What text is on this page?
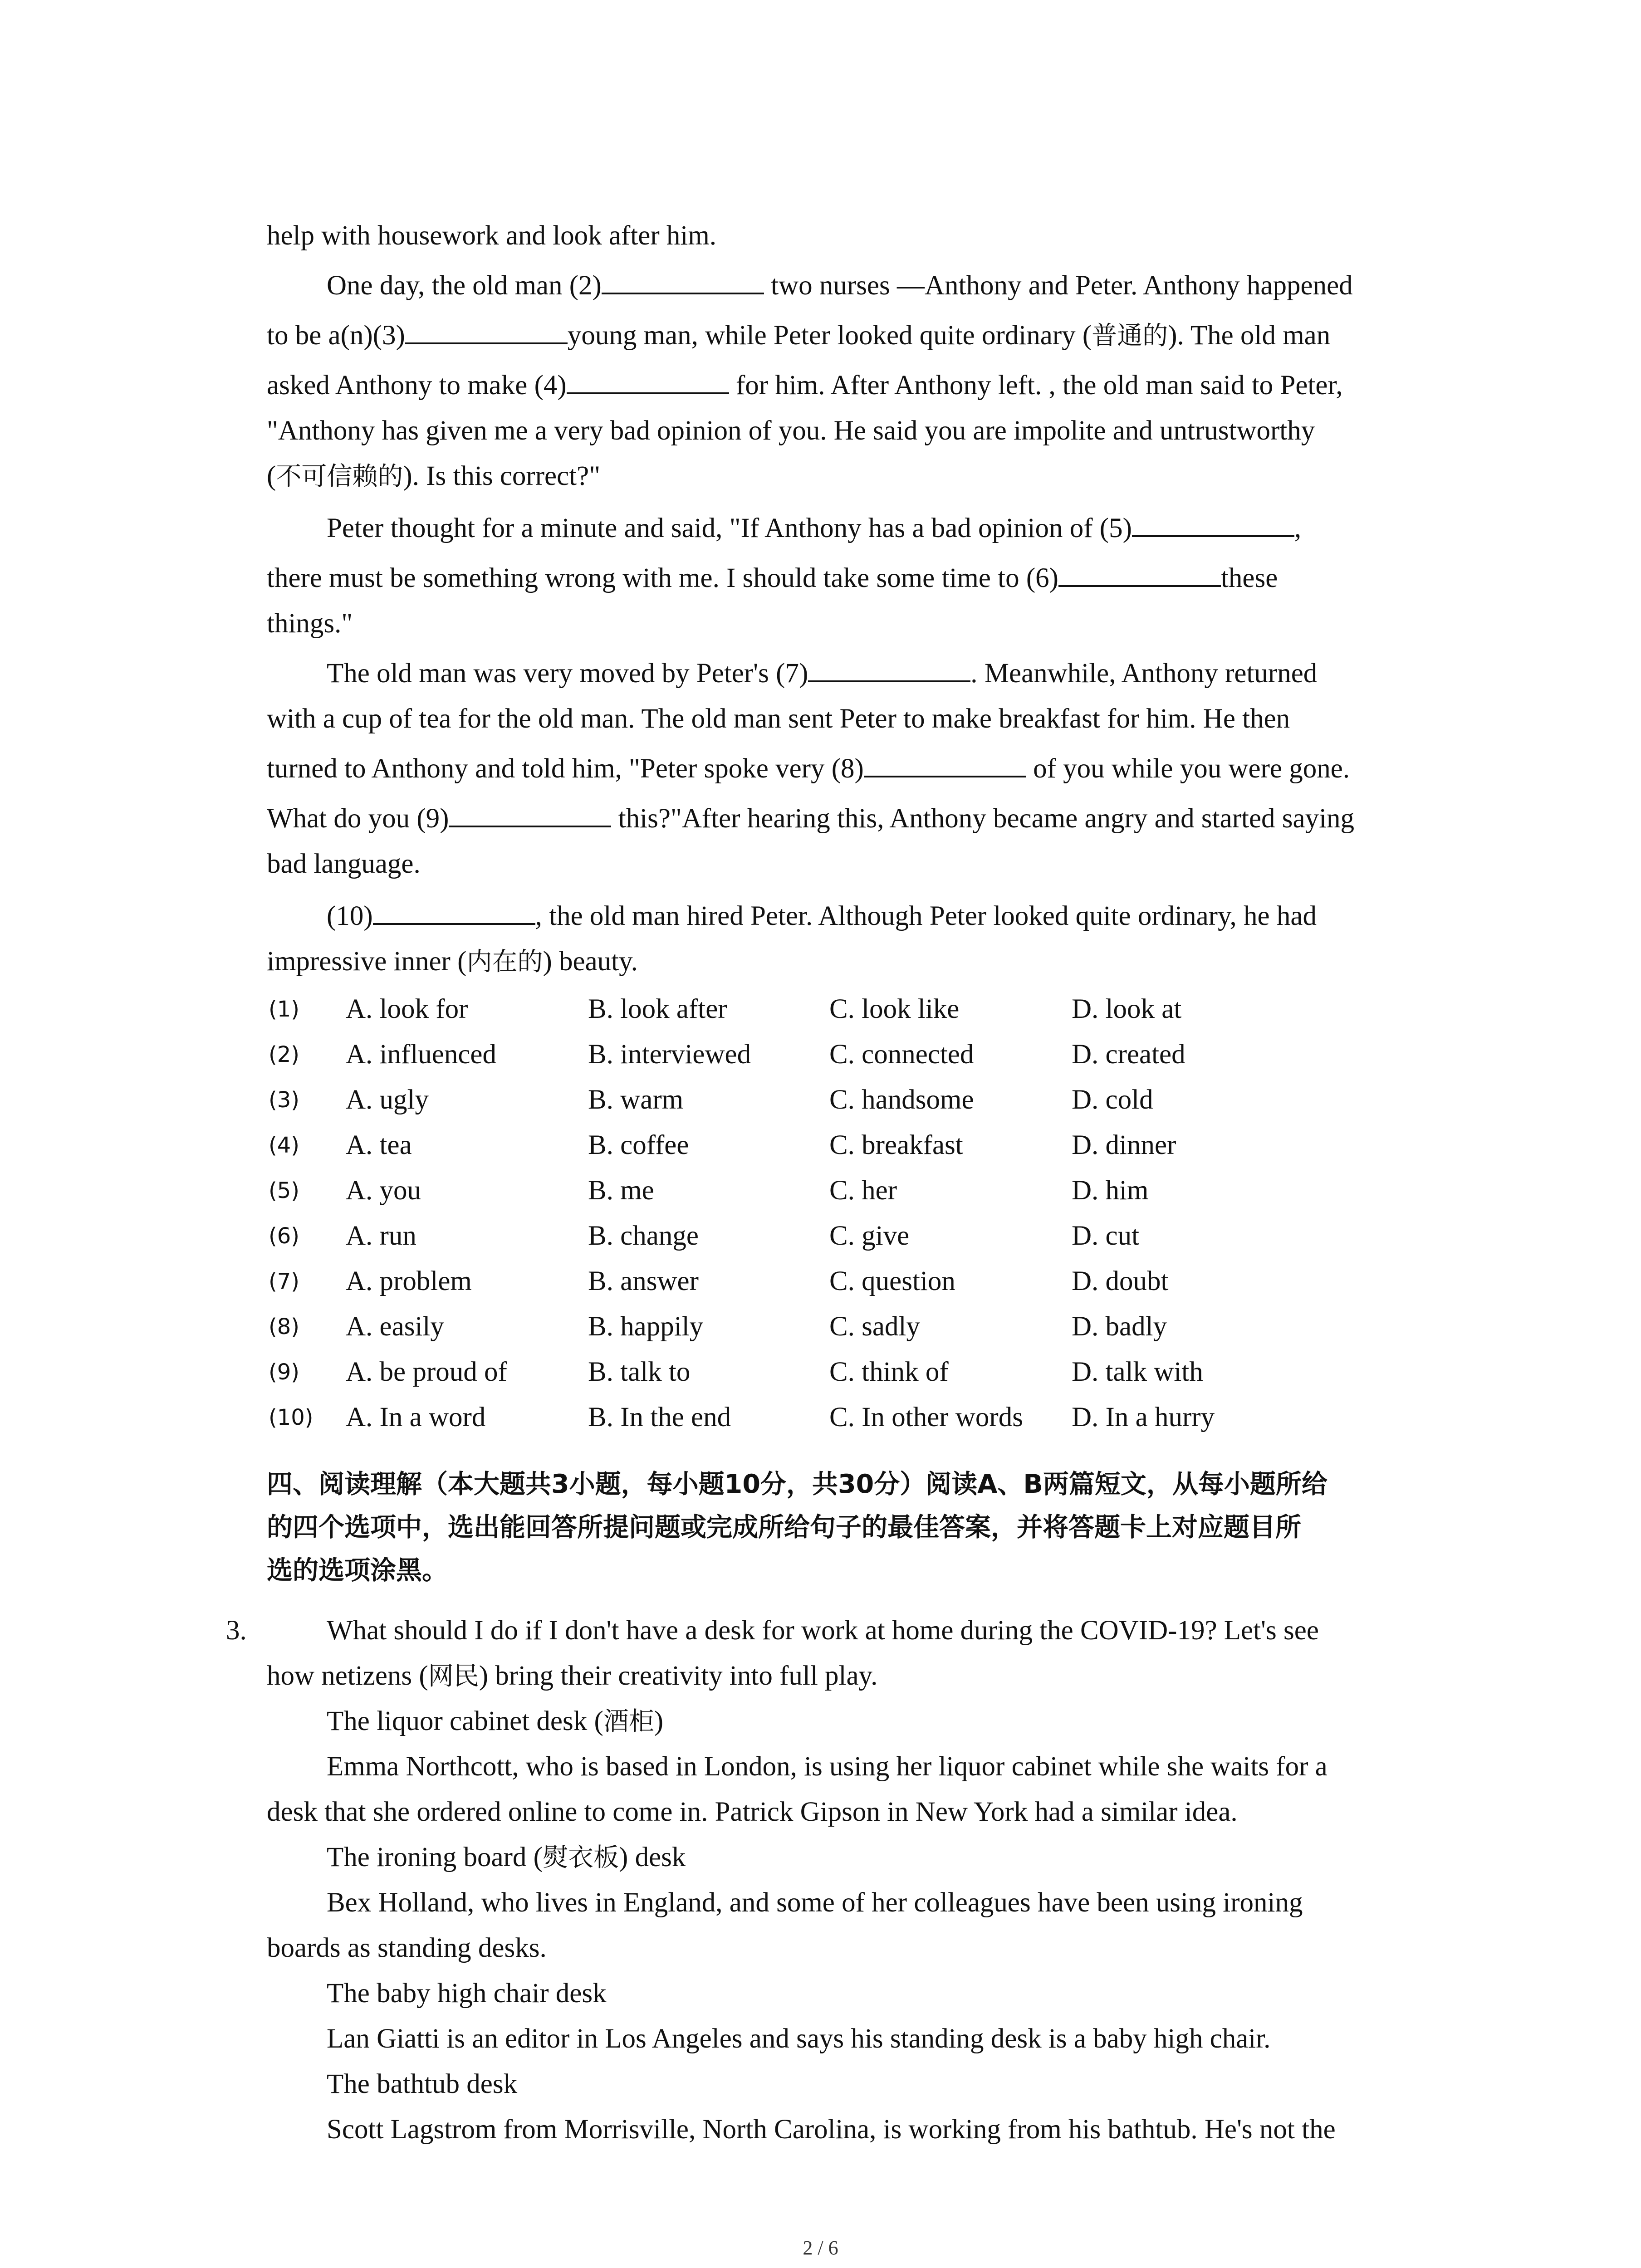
help with housework and look after him.
One day, the old man (2)	two nurses —Anthony and Peter. Anthony happened
to be a(n)(3)	young man, while Peter looked quite ordinary (普通的). The old man
asked Anthony to make (4)	for him. After Anthony left. , the old man said to Peter,
"Anthony has given me a very bad opinion of you. He said you are impolite and untrustworthy
(不可信赖的). Is this correct?"
Peter thought for a minute and said, "If Anthony has a bad opinion of (5)	,
there must be something wrong with me. I should take some time to (6)	these
things."
The old man was very moved by Peter's (7)	. Meanwhile, Anthony returned
with a cup of tea for the old man. The old man sent Peter to make breakfast for him. He then
turned to Anthony and told him, "Peter spoke very (8)	of you while you were gone.
What do you (9)	this?"After hearing this, Anthony became angry and started saying
bad language.
(10)	, the old man hired Peter. Although Peter looked quite ordinary, he had
impressive inner (内在的) beauty.
(1) A. look for	B. look after	C. look like	D. look at
(2) A. influenced	B. interviewed	C. connected	D. created
(3) A. ugly	B. warm	C. handsome	D. cold
(4) A. tea	B. coffee	C. breakfast	D. dinner
(5) A. you	B. me	C. her	D. him
(6) A. run	B. change	C. give	D. cut
(7) A. problem	B. answer	C. question	D. doubt
(8) A. easily	B. happily	C. sadly	D. badly
(9) A. be proud of	B. talk to	C. think of	D. talk with
(10) A. In a word	B. In the end	C. In other words D. In a hurry
四、阅读理解（本大题共3小题，每小题10分，共30分）阅读A、B两篇短文，从每小题所给
的四个选项中，选出能回答所提问题或完成所给句子的最佳答案，并将答题卡上对应题目所
选的选项涂黑。
3.	What should I do if I don't have a desk for work at home during the COVID-19? Let's see
how netizens (网民) bring their creativity into full play.
The liquor cabinet desk (酒柜)
Emma Northcott, who is based in London, is using her liquor cabinet while she waits for a
desk that she ordered online to come in. Patrick Gipson in New York had a similar idea.
The ironing board (熨衣板) desk
Bex Holland, who lives in England, and some of her colleagues have been using ironing
boards as standing desks.
The baby high chair desk
Lan Giatti is an editor in Los Angeles and says his standing desk is a baby high chair.
The bathtub desk
Scott Lagstrom from Morrisville, North Carolina, is working from his bathtub. He's not the
2 / 6
